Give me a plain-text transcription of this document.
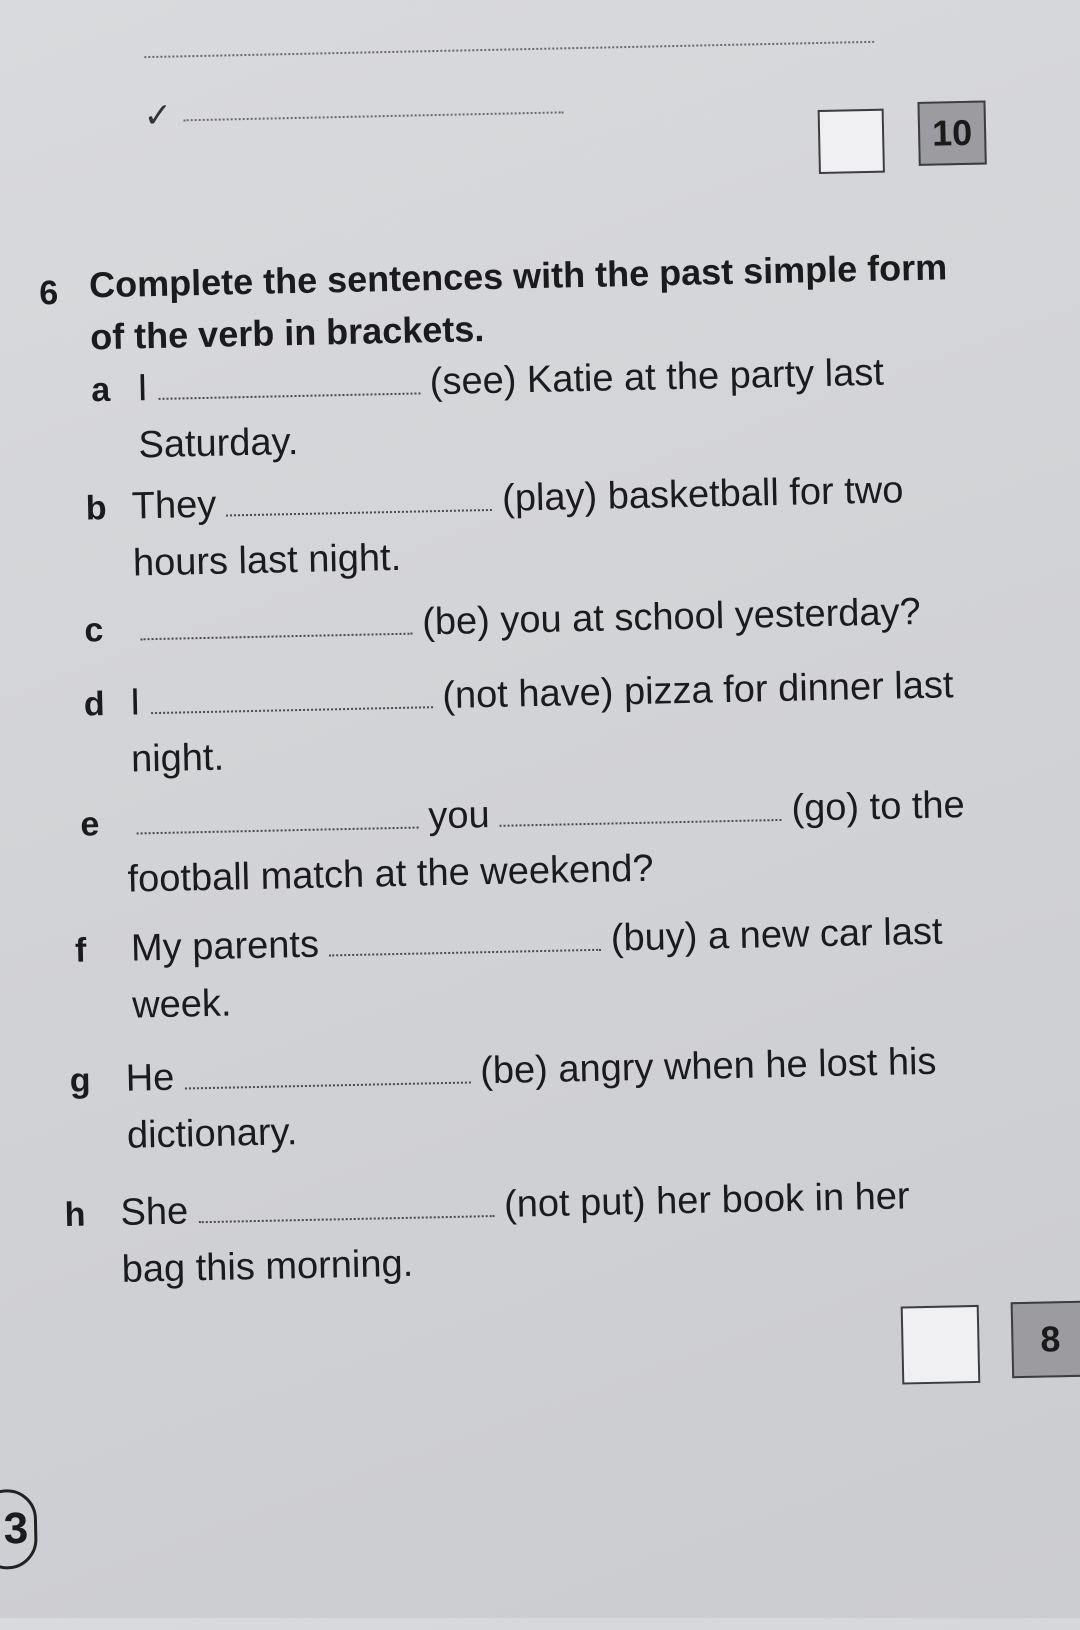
✓	10
6 Complete the sentences with the past simple form of the verb in brackets.
a I	(see) Katie at the party last
Saturday.
b They	(play) basketball for two
hours last night.
c	(be) you at school yesterday?
d I	(not have) pizza for dinner last
night.
e	you	(go) to the
football match at the weekend?
f My parents	(buy) a new car last
week.
g He	(be) angry when he lost his
dictionary.
h She	(not put) her book in her
bag this morning.
8
3
